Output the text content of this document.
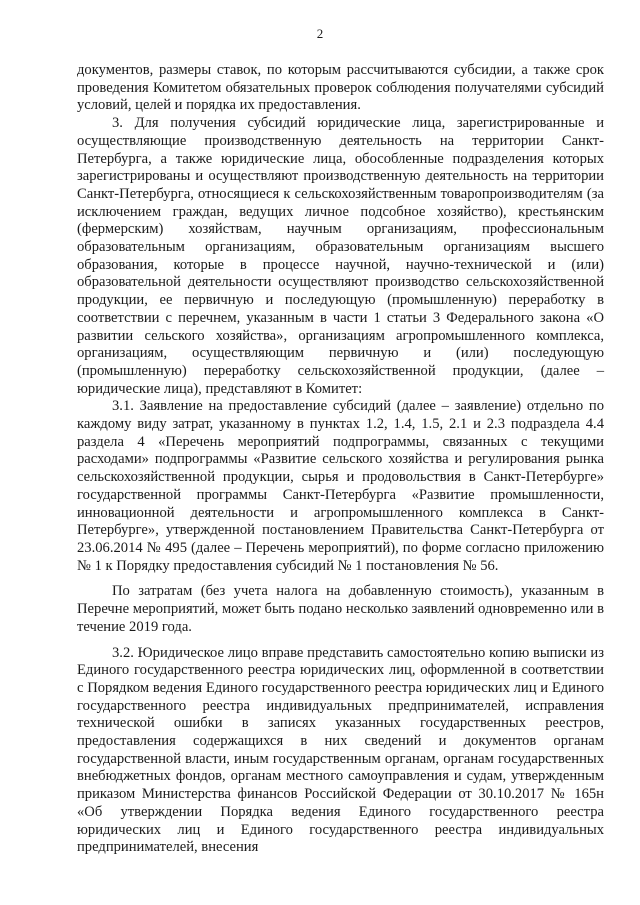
2

документов, размеры ставок, по которым рассчитываются субсидии, а также срок проведения Комитетом обязательных проверок соблюдения получателями субсидий условий, целей и порядка их предоставления.

3. Для получения субсидий юридические лица, зарегистрированные и осуществляющие производственную деятельность на территории Санкт-Петербурга, а также юридические лица, обособленные подразделения которых зарегистрированы и осуществляют производственную деятельность на территории Санкт-Петербурга, относящиеся к сельскохозяйственным товаропроизводителям (за исключением граждан, ведущих личное подсобное хозяйство), крестьянским (фермерским) хозяйствам, научным организациям, профессиональным образовательным организациям, образовательным организациям высшего образования, которые в процессе научной, научно-технической и (или) образовательной деятельности осуществляют производство сельскохозяйственной продукции, ее первичную и последующую (промышленную) переработку в соответствии с перечнем, указанным в части 1 статьи 3 Федерального закона «О развитии сельского хозяйства», организациям агропромышленного комплекса, организациям, осуществляющим первичную и (или) последующую (промышленную) переработку сельскохозяйственной продукции, (далее – юридические лица), представляют в Комитет:

3.1. Заявление на предоставление субсидий (далее – заявление) отдельно по каждому виду затрат, указанному в пунктах 1.2, 1.4, 1.5, 2.1 и 2.3 подраздела 4.4 раздела 4 «Перечень мероприятий подпрограммы, связанных с текущими расходами» подпрограммы «Развитие сельского хозяйства и регулирования рынка сельскохозяйственной продукции, сырья и продовольствия в Санкт-Петербурге» государственной программы Санкт-Петербурга «Развитие промышленности, инновационной деятельности и агропромышленного комплекса в Санкт-Петербурге», утвержденной постановлением Правительства Санкт-Петербурга от 23.06.2014 № 495 (далее – Перечень мероприятий), по форме согласно приложению № 1 к Порядку предоставления субсидий № 1 постановления № 56.

По затратам (без учета налога на добавленную стоимость), указанным в Перечне мероприятий, может быть подано несколько заявлений одновременно или в течение 2019 года.

3.2. Юридическое лицо вправе представить самостоятельно копию выписки из Единого государственного реестра юридических лиц, оформленной в соответствии с Порядком ведения Единого государственного реестра юридических лиц и Единого государственного реестра индивидуальных предпринимателей, исправления технической ошибки в записях указанных государственных реестров, предоставления содержащихся в них сведений и документов органам государственной власти, иным государственным органам, органам государственных внебюджетных фондов, органам местного самоуправления и судам, утвержденным приказом Министерства финансов Российской Федерации от 30.10.2017 № 165н «Об утверждении Порядка ведения Единого государственного реестра юридических лиц и Единого государственного реестра индивидуальных предпринимателей, внесения
